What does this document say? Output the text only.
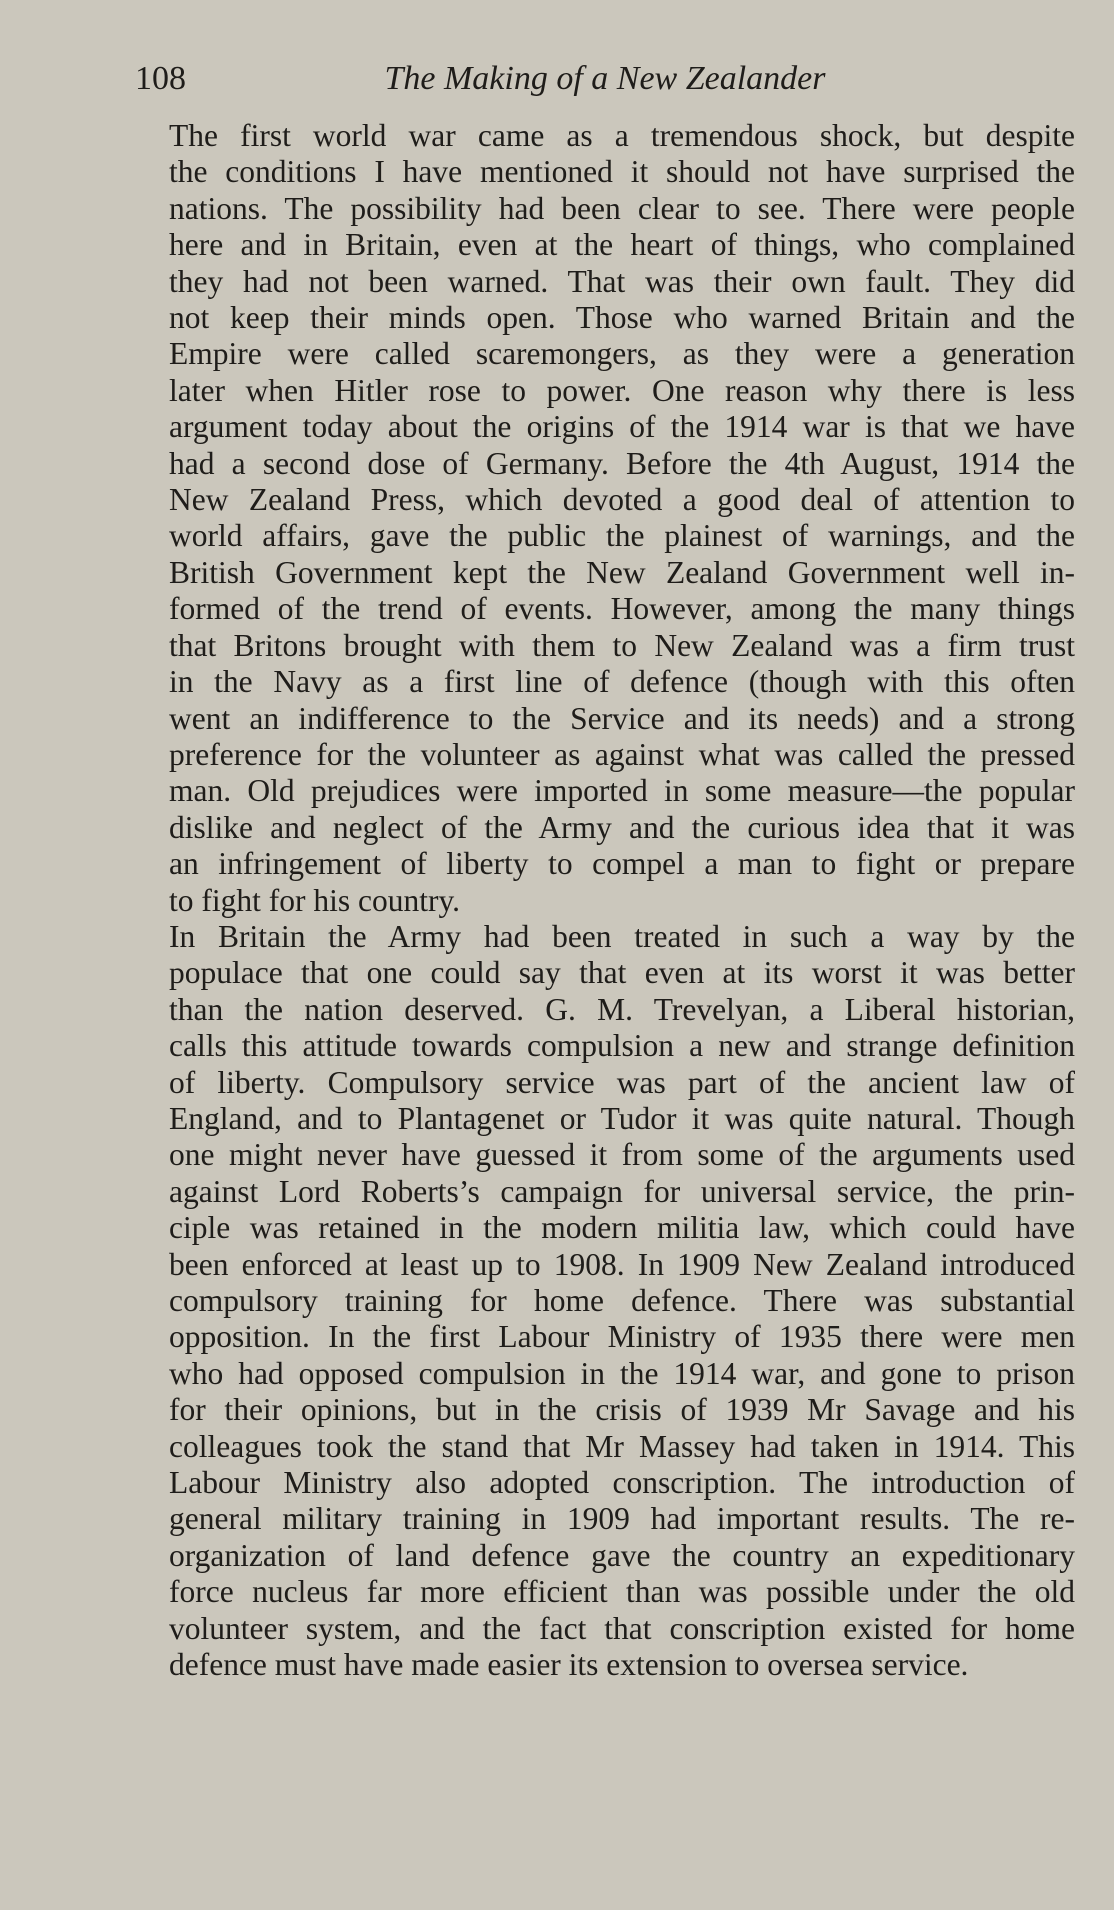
108	The Making of a New Zealander

The first world war came as a tremendous shock, but despite
the conditions I have mentioned it should not have surprised the
nations. The possibility had been clear to see. There were people
here and in Britain, even at the heart of things, who complained
they had not been warned. That was their own fault. They did
not keep their minds open. Those who warned Britain and the
Empire were called scaremongers, as they were a generation
later when Hitler rose to power. One reason why there is less
argument today about the origins of the 1914 war is that we have
had a second dose of Germany. Before the 4th August, 1914 the
New Zealand Press, which devoted a good deal of attention to
world affairs, gave the public the plainest of warnings, and the
British Government kept the New Zealand Government well in-
formed of the trend of events. However, among the many things
that Britons brought with them to New Zealand was a firm trust
in the Navy as a first line of defence (though with this often
went an indifference to the Service and its needs) and a strong
preference for the volunteer as against what was called the pressed
man. Old prejudices were imported in some measure—the popular
dislike and neglect of the Army and the curious idea that it was
an infringement of liberty to compel a man to fight or prepare
to fight for his country.

In Britain the Army had been treated in such a way by the
populace that one could say that even at its worst it was better
than the nation deserved. G. M. Trevelyan, a Liberal historian,
calls this attitude towards compulsion a new and strange definition
of liberty. Compulsory service was part of the ancient law of
England, and to Plantagenet or Tudor it was quite natural. Though
one might never have guessed it from some of the arguments used
against Lord Roberts’s campaign for universal service, the prin-
ciple was retained in the modern militia law, which could have
been enforced at least up to 1908. In 1909 New Zealand introduced
compulsory training for home defence. There was substantial
opposition. In the first Labour Ministry of 1935 there were men
who had opposed compulsion in the 1914 war, and gone to prison
for their opinions, but in the crisis of 1939 Mr Savage and his
colleagues took the stand that Mr Massey had taken in 1914. This
Labour Ministry also adopted conscription. The introduction of
general military training in 1909 had important results. The re-
organization of land defence gave the country an expeditionary
force nucleus far more efficient than was possible under the old
volunteer system, and the fact that conscription existed for home
defence must have made easier its extension to oversea service.
